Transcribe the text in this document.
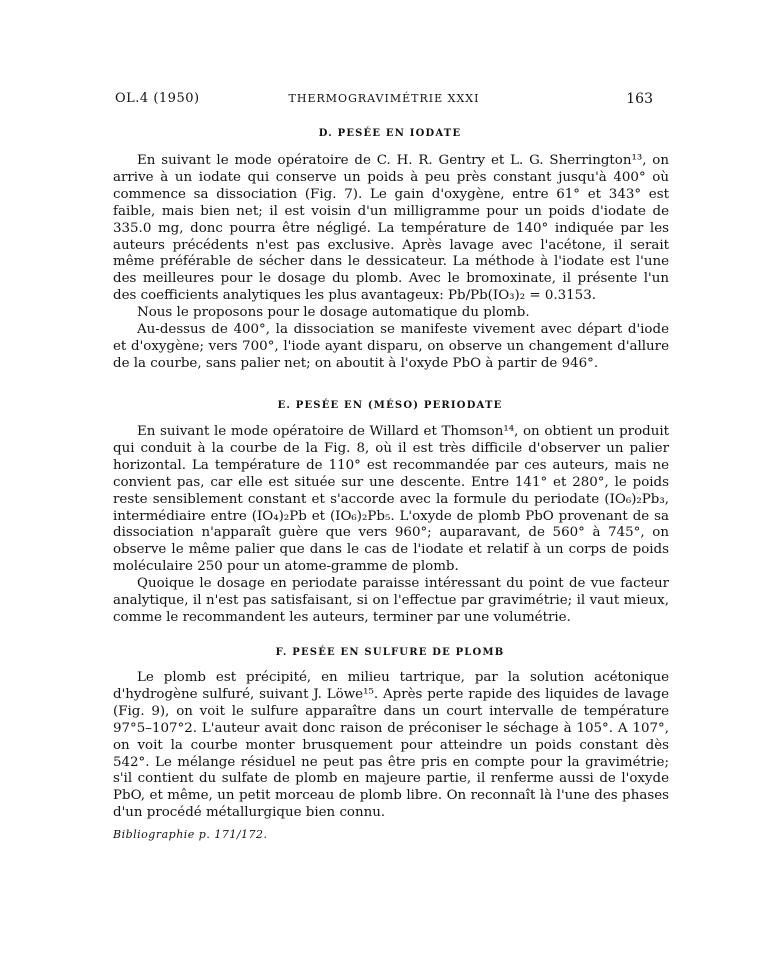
OL.4 (1950)	THERMOGRAVIMÉTRIE XXXI	163
D. PESÉE EN IODATE

En suivant le mode opératoire de C. H. R. Gentry et L. G. Sherrington¹³, on arrive à un iodate qui conserve un poids à peu près constant jusqu'à 400° où commence sa dissociation (Fig. 7). Le gain d'oxygène, entre 61° et 343° est faible, mais bien net; il est voisin d'un milligramme pour un poids d'iodate de 335.0 mg, donc pourra être négligé. La température de 140° indiquée par les auteurs précédents n'est pas exclusive. Après lavage avec l'acétone, il serait même préférable de sécher dans le dessicateur. La méthode à l'iodate est l'une des meilleures pour le dosage du plomb. Avec le bromoxinate, il présente l'un des coefficients analytiques les plus avantageux: Pb/Pb(IO₃)₂ = 0.3153.

Nous le proposons pour le dosage automatique du plomb.

Au-dessus de 400°, la dissociation se manifeste vivement avec départ d'iode et d'oxygène; vers 700°, l'iode ayant disparu, on observe un changement d'allure de la courbe, sans palier net; on aboutit à l'oxyde PbO à partir de 946°.

E. PESÉE EN (MÉSO) PERIODATE

En suivant le mode opératoire de Willard et Thomson¹⁴, on obtient un produit qui conduit à la courbe de la Fig. 8, où il est très difficile d'observer un palier horizontal. La température de 110° est recommandée par ces auteurs, mais ne convient pas, car elle est située sur une descente. Entre 141° et 280°, le poids reste sensiblement constant et s'accorde avec la formule du periodate (IO₆)₂Pb₃, intermédiaire entre (IO₄)₂Pb et (IO₆)₂Pb₅. L'oxyde de plomb PbO provenant de sa dissociation n'apparaît guère que vers 960°; auparavant, de 560° à 745°, on observe le même palier que dans le cas de l'iodate et relatif à un corps de poids moléculaire 250 pour un atome-gramme de plomb.

Quoique le dosage en periodate paraisse intéressant du point de vue facteur analytique, il n'est pas satisfaisant, si on l'effectue par gravimétrie; il vaut mieux, comme le recommandent les auteurs, terminer par une volumétrie.

F. PESÉE EN SULFURE DE PLOMB

Le plomb est précipité, en milieu tartrique, par la solution acétonique d'hydrogène sulfuré, suivant J. Löwe¹⁵. Après perte rapide des liquides de lavage (Fig. 9), on voit le sulfure apparaître dans un court intervalle de température 97°5–107°2. L'auteur avait donc raison de préconiser le séchage à 105°. A 107°, on voit la courbe monter brusquement pour atteindre un poids constant dès 542°. Le mélange résiduel ne peut pas être pris en compte pour la gravimétrie; s'il contient du sulfate de plomb en majeure partie, il renferme aussi de l'oxyde PbO, et même, un petit morceau de plomb libre. On reconnaît là l'une des phases d'un procédé métallurgique bien connu.

Bibliographie p. 171/172.
